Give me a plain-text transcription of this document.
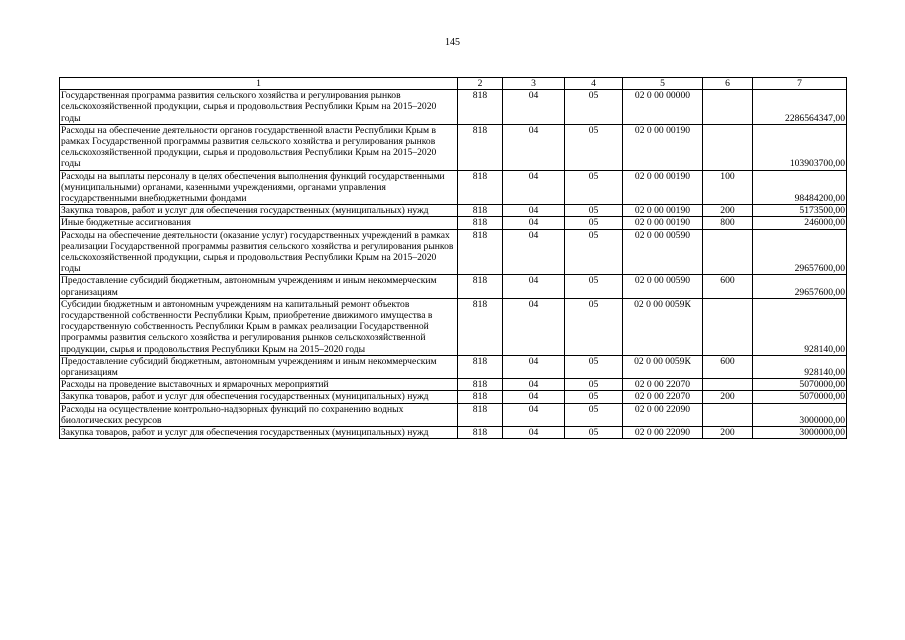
145
1	2	3	4	5	6	7
Государственная программа развития сельского хозяйства и регулирования рынков сельскохозяйственной продукции, сырья и продовольствия Республики Крым на 2015–2020 годы	818	04	05	02 0 00 00000		2286564347,00
Расходы на обеспечение деятельности органов государственной власти Республики Крым в рамках Государственной программы развития сельского хозяйства и регулирования рынков сельскохозяйственной продукции, сырья и продовольствия Республики Крым на 2015–2020 годы	818	04	05	02 0 00 00190		103903700,00
Расходы на выплаты персоналу в целях обеспечения выполнения функций государственными (муниципальными) органами, казенными учреждениями, органами управления государственными внебюджетными фондами	818	04	05	02 0 00 00190	100	98484200,00
Закупка товаров, работ и услуг для обеспечения государственных (муниципальных) нужд	818	04	05	02 0 00 00190	200	5173500,00
Иные бюджетные ассигнования	818	04	05	02 0 00 00190	800	246000,00
Расходы на обеспечение деятельности (оказание услуг) государственных учреждений в рамках реализации Государственной программы развития сельского хозяйства и регулирования рынков сельскохозяйственной продукции, сырья и продовольствия Республики Крым на 2015–2020 годы	818	04	05	02 0 00 00590		29657600,00
Предоставление субсидий бюджетным, автономным учреждениям и иным некоммерческим организациям	818	04	05	02 0 00 00590	600	29657600,00
Субсидии бюджетным и автономным учреждениям на капитальный ремонт объектов государственной собственности Республики Крым, приобретение движимого имущества в государственную собственность Республики Крым в рамках реализации Государственной программы развития сельского хозяйства и регулирования рынков сельскохозяйственной продукции, сырья и продовольствия Республики Крым на 2015–2020 годы	818	04	05	02 0 00 0059К		928140,00
Предоставление субсидий бюджетным, автономным учреждениям и иным некоммерческим организациям	818	04	05	02 0 00 0059К	600	928140,00
Расходы на проведение выставочных и ярмарочных мероприятий	818	04	05	02 0 00 22070		5070000,00
Закупка товаров, работ и услуг для обеспечения государственных (муниципальных) нужд	818	04	05	02 0 00 22070	200	5070000,00
Расходы на осуществление контрольно-надзорных функций по сохранению водных биологических ресурсов	818	04	05	02 0 00 22090		3000000,00
Закупка товаров, работ и услуг для обеспечения государственных (муниципальных) нужд	818	04	05	02 0 00 22090	200	3000000,00
